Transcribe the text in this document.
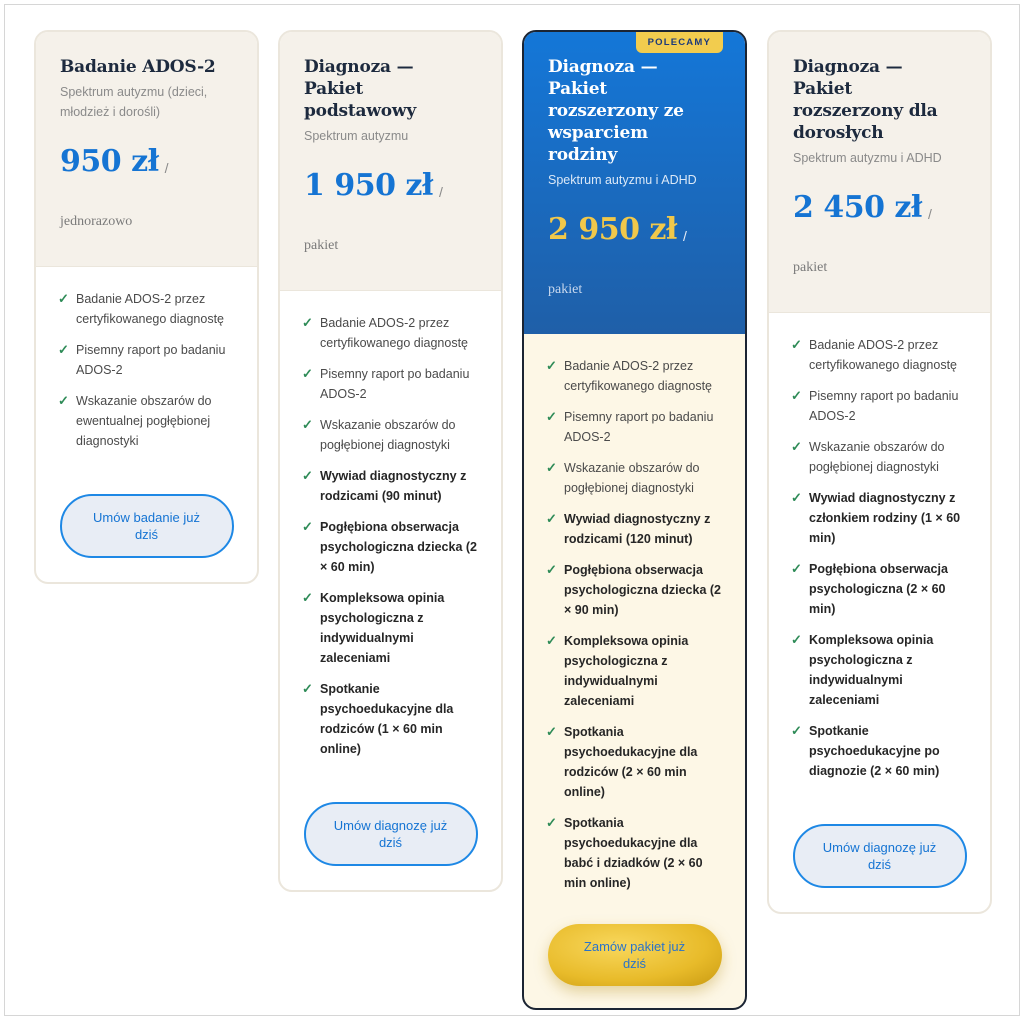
Badanie ADOS-2
Spektrum autyzmu (dzieci, młodzież i dorośli)
950 zł /
jednorazowo
✓ Badanie ADOS-2 przez certyfikowanego diagnostę
✓ Pisemny raport po badaniu ADOS-2
✓ Wskazanie obszarów do ewentualnej pogłębionej diagnostyki
Umów badanie już dziś
Diagnoza — Pakiet podstawowy
Spektrum autyzmu
1 950 zł /
pakiet
✓ Badanie ADOS-2 przez certyfikowanego diagnostę
✓ Pisemny raport po badaniu ADOS-2
✓ Wskazanie obszarów do pogłębionej diagnostyki
✓ Wywiad diagnostyczny z rodzicami (90 minut)
✓ Pogłębiona obserwacja psychologiczna dziecka (2 × 60 min)
✓ Kompleksowa opinia psychologiczna z indywidualnymi zaleceniami
✓ Spotkanie psychoedukacyjne dla rodziców (1 × 60 min online)
Umów diagnozę już dziś
POLECAMY
Diagnoza — Pakiet rozszerzony ze wsparciem rodziny
Spektrum autyzmu i ADHD
2 950 zł /
pakiet
✓ Badanie ADOS-2 przez certyfikowanego diagnostę
✓ Pisemny raport po badaniu ADOS-2
✓ Wskazanie obszarów do pogłębionej diagnostyki
✓ Wywiad diagnostyczny z rodzicami (120 minut)
✓ Pogłębiona obserwacja psychologiczna dziecka (2 × 90 min)
✓ Kompleksowa opinia psychologiczna z indywidualnymi zaleceniami
✓ Spotkania psychoedukacyjne dla rodziców (2 × 60 min online)
✓ Spotkania psychoedukacyjne dla babć i dziadków (2 × 60 min online)
Zamów pakiet już dziś
Diagnoza — Pakiet rozszerzony dla dorosłych
Spektrum autyzmu i ADHD
2 450 zł /
pakiet
✓ Badanie ADOS-2 przez certyfikowanego diagnostę
✓ Pisemny raport po badaniu ADOS-2
✓ Wskazanie obszarów do pogłębionej diagnostyki
✓ Wywiad diagnostyczny z członkiem rodziny (1 × 60 min)
✓ Pogłębiona obserwacja psychologiczna (2 × 60 min)
✓ Kompleksowa opinia psychologiczna z indywidualnymi zaleceniami
✓ Spotkanie psychoedukacyjne po diagnozie (2 × 60 min)
Umów diagnozę już dziś
